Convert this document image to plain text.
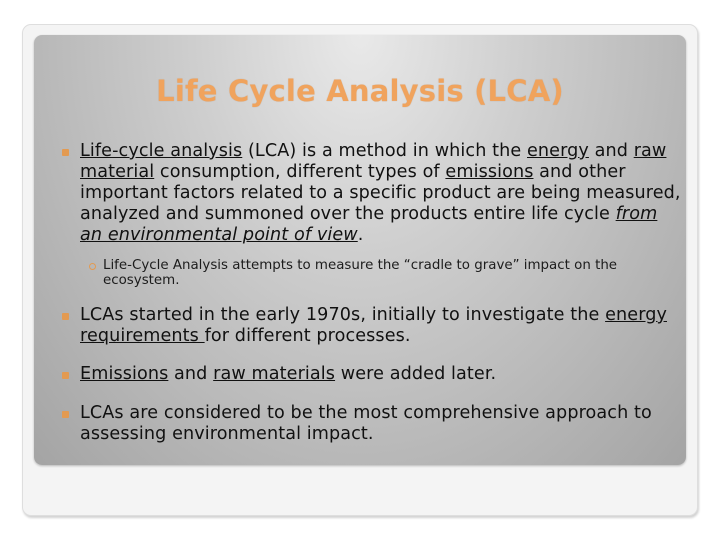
Life Cycle Analysis (LCA)
Life-cycle analysis (LCA) is a method in which the energy and raw material consumption, different types of emissions and other important factors related to a specific product are being measured, analyzed and summoned over the products entire life cycle from an environmental point of view.
Life-Cycle Analysis attempts to measure the “cradle to grave” impact on the ecosystem.
LCAs started in the early 1970s, initially to investigate the energy requirements for different processes.
Emissions and raw materials were added later.
LCAs are considered to be the most comprehensive approach to assessing environmental impact.
